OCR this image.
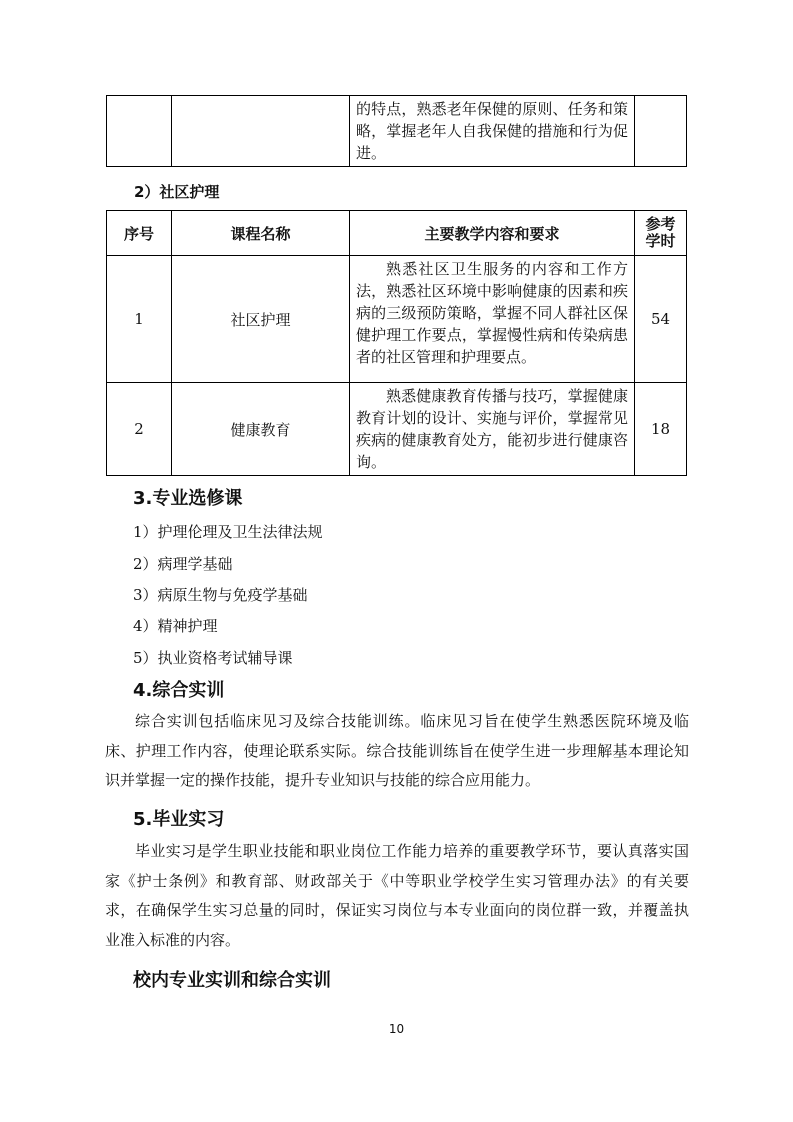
的特点，熟悉老年保健的原则、任务和策略，掌握老年人自我保健的措施和行为促进。

2）社区护理
序号	课程名称	主要教学内容和要求	参考
学时

1	社区护理	熟悉社区卫生服务的内容和工作方法，熟悉社区环境中影响健康的因素和疾病的三级预防策略，掌握不同人群社区保健护理工作要点，掌握慢性病和传染病患者的社区管理和护理要点。	54
2	健康教育	熟悉健康教育传播与技巧，掌握健康教育计划的设计、实施与评价，掌握常见疾病的健康教育处方，能初步进行健康咨询。	18
3.专业选修课
1）护理伦理及卫生法律法规
2）病理学基础
3）病原生物与免疫学基础
4）精神护理
5）执业资格考试辅导课
4.综合实训
综合实训包括临床见习及综合技能训练。临床见习旨在使学生熟悉医院环境及临床、护理工作内容，使理论联系实际。综合技能训练旨在使学生进一步理解基本理论知识并掌握一定的操作技能，提升专业知识与技能的综合应用能力。
5.毕业实习
毕业实习是学生职业技能和职业岗位工作能力培养的重要教学环节，要认真落实国家《护士条例》和教育部、财政部关于《中等职业学校学生实习管理办法》的有关要求，在确保学生实习总量的同时，保证实习岗位与本专业面向的岗位群一致，并覆盖执业准入标准的内容。
校内专业实训和综合实训
10
